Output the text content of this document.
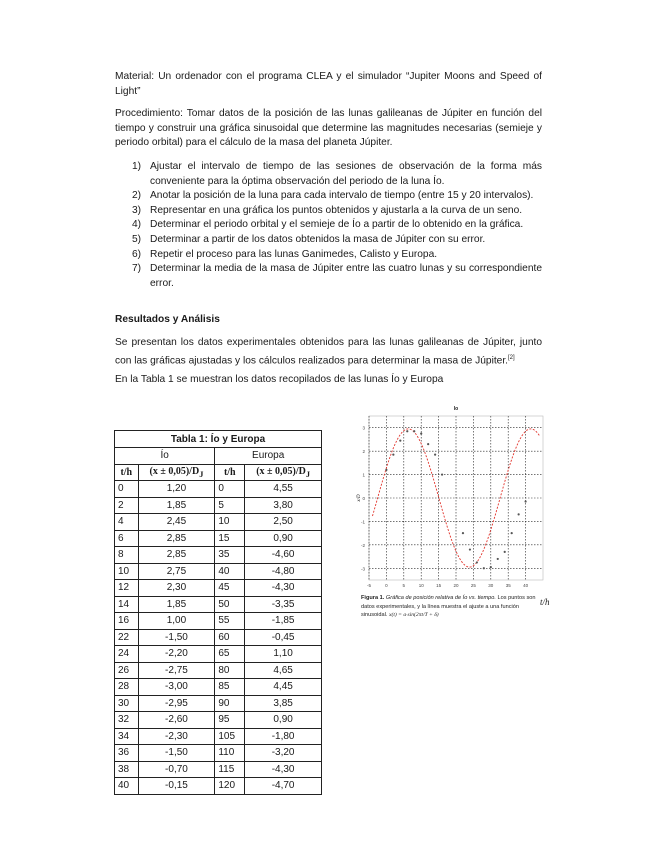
Material: Un ordenador con el programa CLEA y el simulador “Jupiter Moons and Speed of Light”
Procedimiento: Tomar datos de la posición de las lunas galileanas de Júpiter en función del tiempo y construir una gráfica sinusoidal que determine las magnitudes necesarias (semieje y periodo orbital) para el cálculo de la masa del planeta Júpiter.
1) Ajustar el intervalo de tiempo de las sesiones de observación de la forma más conveniente para la óptima observación del periodo de la luna Ío.
2) Anotar la posición de la luna para cada intervalo de tiempo (entre 15 y 20 intervalos).
3) Representar en una gráfica los puntos obtenidos y ajustarla a la curva de un seno.
4) Determinar el periodo orbital y el semieje de Ío a partir de lo obtenido en la gráfica.
5) Determinar a partir de los datos obtenidos la masa de Júpiter con su error.
6) Repetir el proceso para las lunas Ganimedes, Calisto y Europa.
7) Determinar la media de la masa de Júpiter entre las cuatro lunas y su correspondiente error.
Resultados y Análisis
Se presentan los datos experimentales obtenidos para las lunas galileanas de Júpiter, junto con las gráficas ajustadas y los cálculos realizados para determinar la masa de Júpiter.[2]
En la Tabla 1 se muestran los datos recopilados de las lunas Ío y Europa
Tabla 1: Ío y Europa			
Ío		Europa	
t/h	$(x \pm 0,05)/D_J$	t/h	$(x \pm 0,05)/D_J$
0	1,20	0	4,55
2	1,85	5	3,80
4	2,45	10	2,50
6	2,85	15	0,90
8	2,85	35	-4,60
10	2,75	40	-4,80
12	2,30	45	-4,30
14	1,85	50	-3,35
16	1,00	55	-1,85
22	-1,50	60	-0,45
24	-2,20	65	1,10
26	-2,75	80	4,65
28	-3,00	85	4,45
30	-2,95	90	3,85
32	-2,60	95	0,90
34	-2,30	105	-1,80
36	-1,50	110	-3,20
38	-0,70	115	-4,30
40	-0,15	120	-4,70
3
2
1
0
-1
-2
-3
-5	0	5	10	15	20	25	30	35	40
Io
x/D
Figura 1. Gráfica de posición relativa de Ío vs. tiempo. Los puntos son datos experimentales, y la línea muestra el ajuste a una función sinusoidal. x(t) = a·sin(2πt/T + δ)
t/h
